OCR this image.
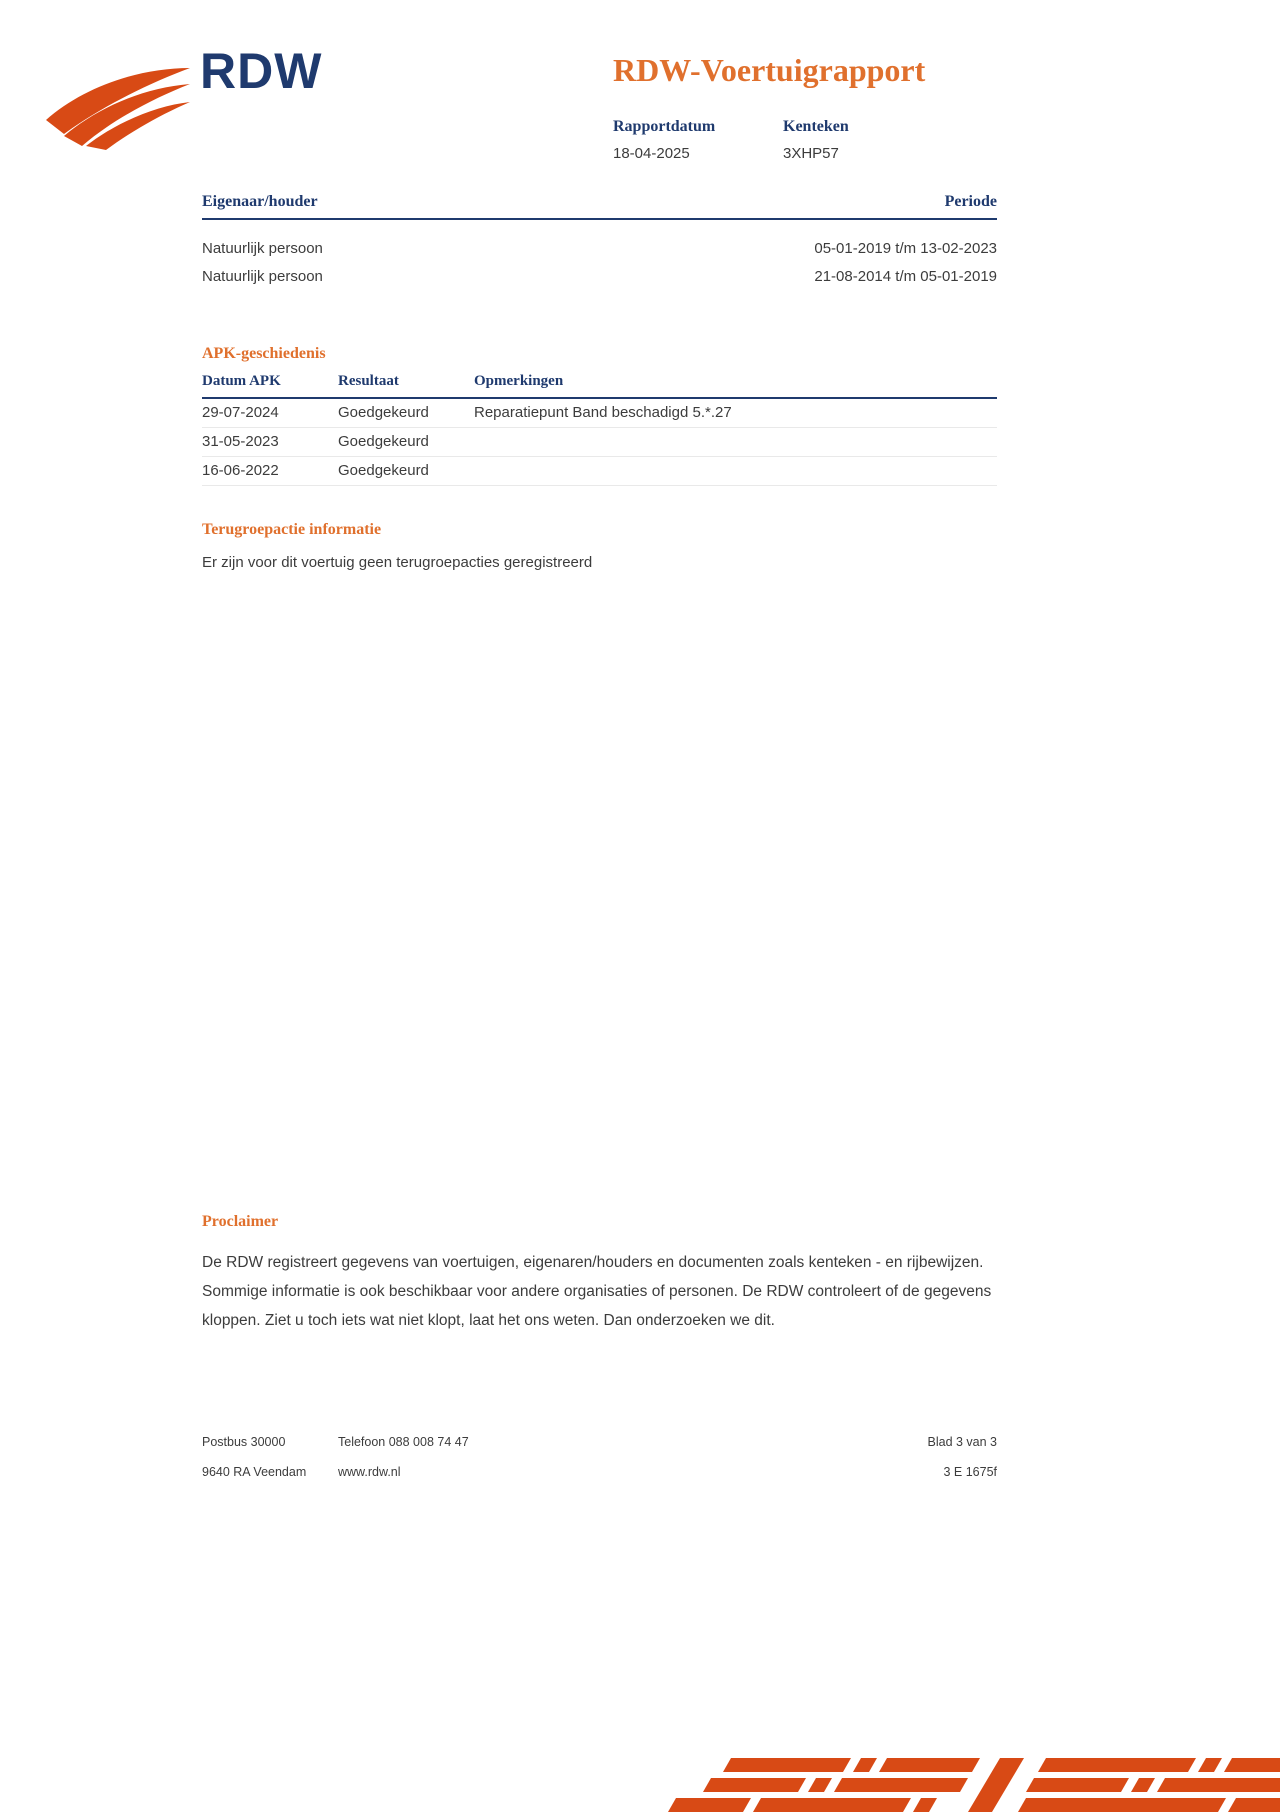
RDW	RDW-Voertuigrapport
Rapportdatum
18-04-2025
Kenteken
3XHP57
Eigenaar/houder	Periode
Natuurlijk persoon	05-01-2019 t/m 13-02-2023
Natuurlijk persoon	21-08-2014 t/m 05-01-2019
APK-geschiedenis
Datum APK	Resultaat	Opmerkingen
29-07-2024	Goedgekeurd	Reparatiepunt Band beschadigd 5.*.27
31-05-2023	Goedgekeurd
16-06-2022	Goedgekeurd
Terugroepactie informatie
Er zijn voor dit voertuig geen terugroepacties geregistreerd
Proclaimer
De RDW registreert gegevens van voertuigen, eigenaren/houders en documenten zoals kenteken - en rijbewijzen. Sommige informatie is ook beschikbaar voor andere organisaties of personen. De RDW controleert of de gegevens kloppen. Ziet u toch iets wat niet klopt, laat het ons weten. Dan onderzoeken we dit.
Postbus 30000	Telefoon 088 008 74 47	Blad 3 van 3
9640 RA Veendam	www.rdw.nl	3 E 1675f
